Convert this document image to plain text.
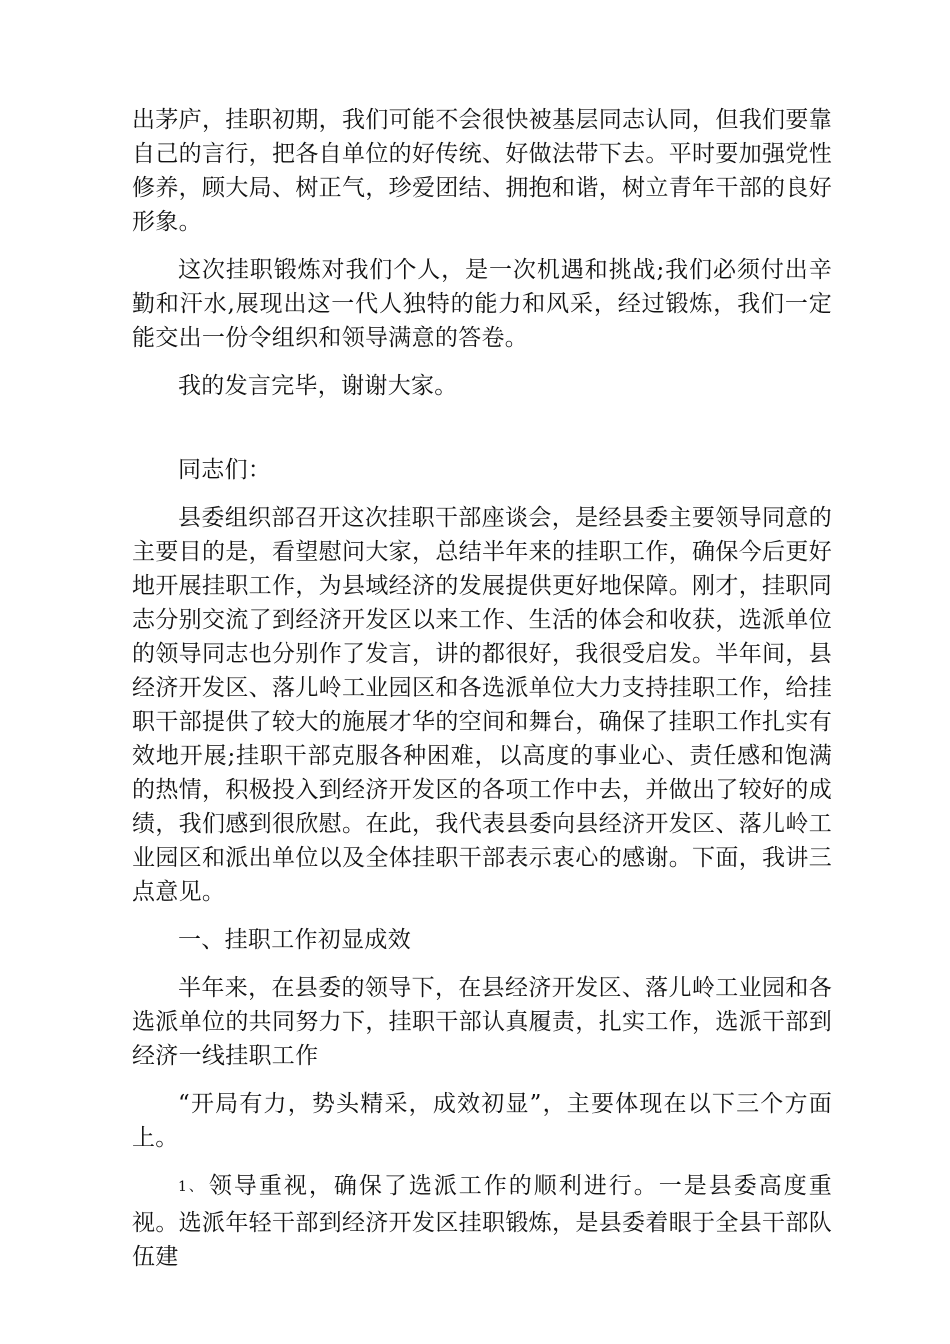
出茅庐，挂职初期，我们可能不会很快被基层同志认同，但我们要靠自己的言行，把各自单位的好传统、好做法带下去。平时要加强党性修养，顾大局、树正气，珍爱团结、拥抱和谐，树立青年干部的良好形象。

这次挂职锻炼对我们个人，是一次机遇和挑战;我们必须付出辛勤和汗水,展现出这一代人独特的能力和风采，经过锻炼，我们一定能交出一份令组织和领导满意的答卷。

我的发言完毕，谢谢大家。

同志们：

县委组织部召开这次挂职干部座谈会，是经县委主要领导同意的主要目的是，看望慰问大家，总结半年来的挂职工作，确保今后更好地开展挂职工作，为县域经济的发展提供更好地保障。刚才，挂职同志分别交流了到经济开发区以来工作、生活的体会和收获，选派单位的领导同志也分别作了发言，讲的都很好，我很受启发。半年间，县经济开发区、落儿岭工业园区和各选派单位大力支持挂职工作，给挂职干部提供了较大的施展才华的空间和舞台，确保了挂职工作扎实有效地开展;挂职干部克服各种困难，以高度的事业心、责任感和饱满的热情，积极投入到经济开发区的各项工作中去，并做出了较好的成绩，我们感到很欣慰。在此，我代表县委向县经济开发区、落儿岭工业园区和派出单位以及全体挂职干部表示衷心的感谢。下面，我讲三点意见。

一、挂职工作初显成效

半年来，在县委的领导下，在县经济开发区、落儿岭工业园和各选派单位的共同努力下，挂职干部认真履责，扎实工作，选派干部到经济一线挂职工作

“开局有力，势头精采，成效初显”，主要体现在以下三个方面上。

1、 领导重视，确保了选派工作的顺利进行。一是县委高度重视。选派年轻干部到经济开发区挂职锻炼，是县委着眼于全县干部队伍建
